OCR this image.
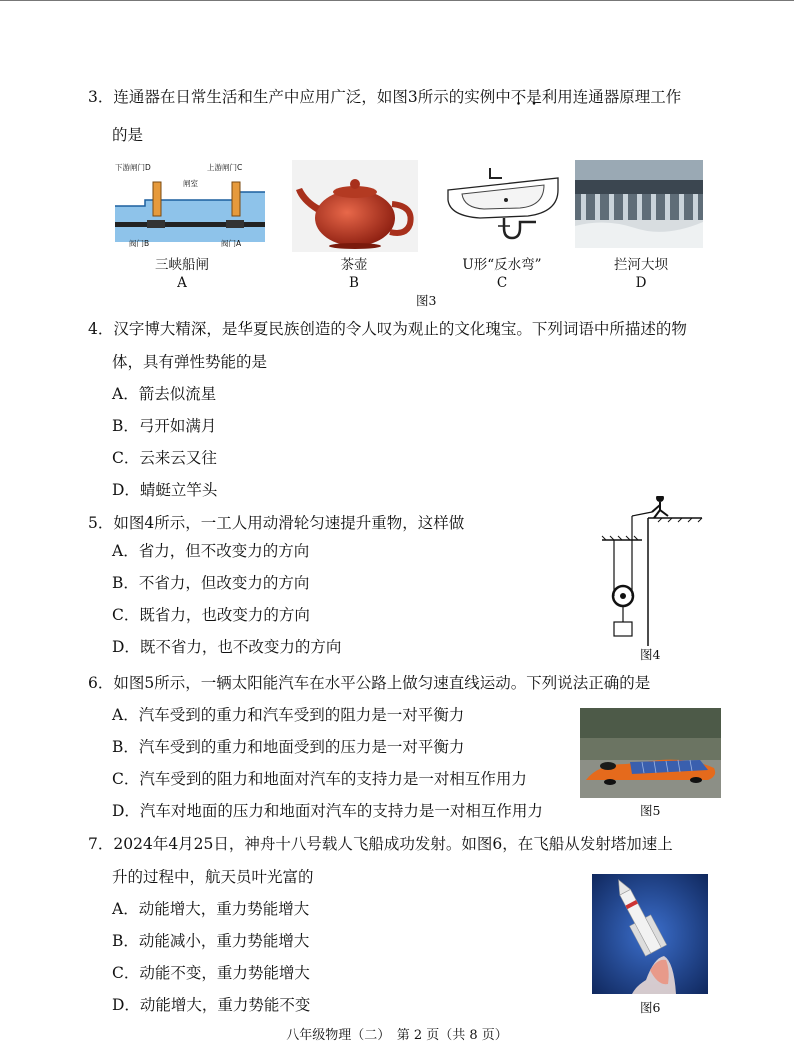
3．连通器在日常生活和生产中应用广泛，如图3所示的实例中不是利用连通器原理工作
的是
下游闸门D	上游闸门C
闸室
阀门B	阀门A
三峡船闸
A
茶壶
B
U形“反水弯”
C
拦河大坝
D
图3
4．汉字博大精深，是华夏民族创造的令人叹为观止的文化瑰宝。下列词语中所描述的物
体，具有弹性势能的是
A．箭去似流星
B．弓开如满月
C．云来云又往
D．蜻蜓立竿头
5．如图4所示，一工人用动滑轮匀速提升重物，这样做
A．省力，但不改变力的方向
B．不省力，但改变力的方向
C．既省力，也改变力的方向
D．既不省力，也不改变力的方向	图4
6．如图5所示，一辆太阳能汽车在水平公路上做匀速直线运动。下列说法正确的是
A．汽车受到的重力和汽车受到的阻力是一对平衡力
B．汽车受到的重力和地面受到的压力是一对平衡力
C．汽车受到的阻力和地面对汽车的支持力是一对相互作用力
D．汽车对地面的压力和地面对汽车的支持力是一对相互作用力	图5
7．2024年4月25日，神舟十八号载人飞船成功发射。如图6，在飞船从发射塔加速上
升的过程中，航天员叶光富的
A．动能增大，重力势能增大
B．动能减小，重力势能增大
C．动能不变，重力势能增大
D．动能增大，重力势能不变	图6
八年级物理（二）　第 2 页（共 8 页）
